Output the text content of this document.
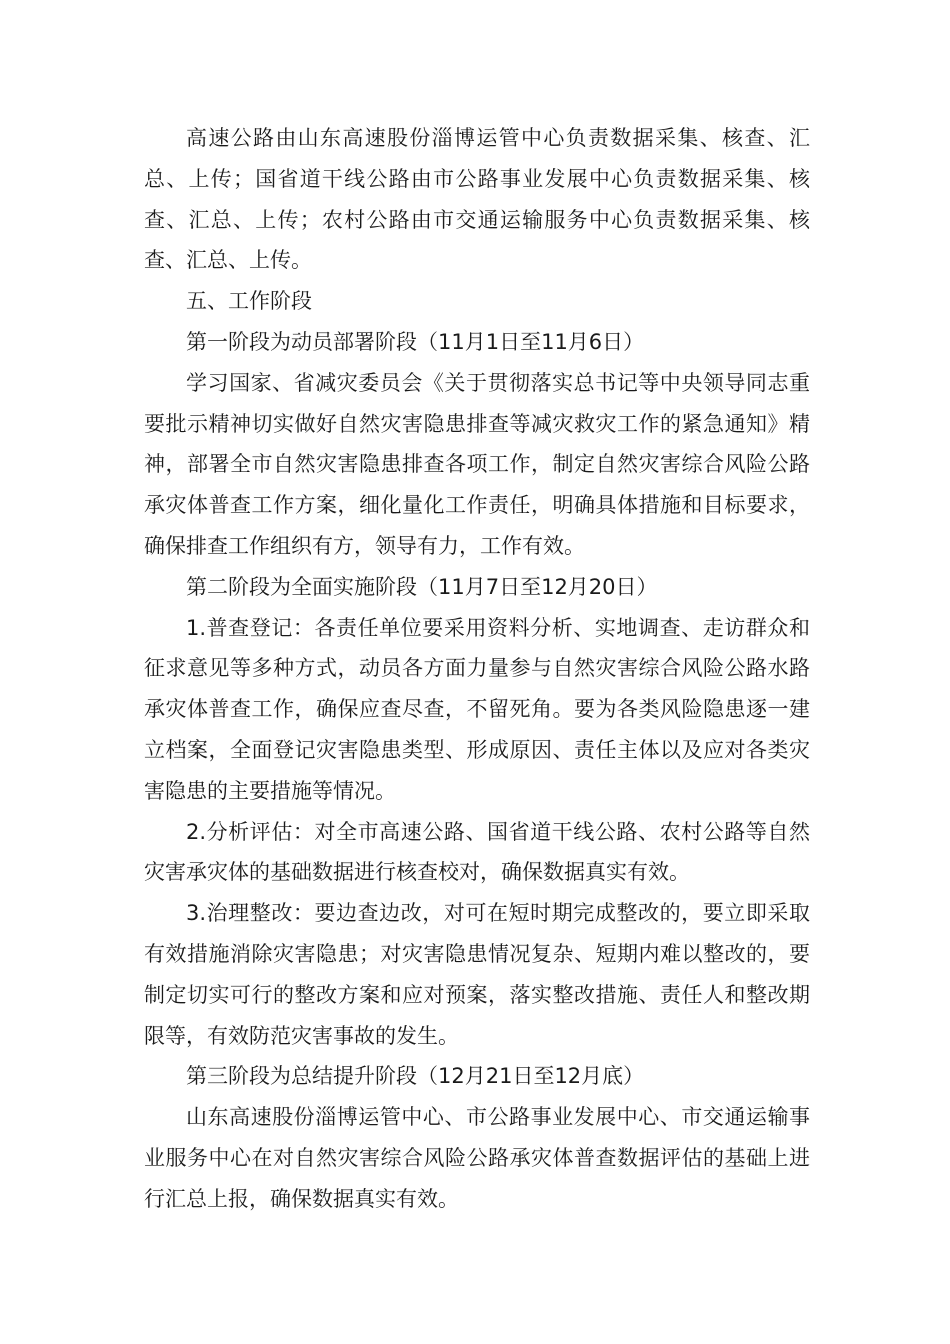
高速公路由山东高速股份淄博运管中心负责数据采集、核查、汇总、上传；国省道干线公路由市公路事业发展中心负责数据采集、核查、汇总、上传；农村公路由市交通运输服务中心负责数据采集、核查、汇总、上传。

五、工作阶段

第一阶段为动员部署阶段（11月1日至11月6日）

学习国家、省减灾委员会《关于贯彻落实总书记等中央领导同志重要批示精神切实做好自然灾害隐患排查等减灾救灾工作的紧急通知》精神，部署全市自然灾害隐患排查各项工作，制定自然灾害综合风险公路承灾体普查工作方案，细化量化工作责任，明确具体措施和目标要求，确保排查工作组织有方，领导有力，工作有效。

第二阶段为全面实施阶段（11月7日至12月20日）

1.普查登记：各责任单位要采用资料分析、实地调查、走访群众和征求意见等多种方式，动员各方面力量参与自然灾害综合风险公路水路承灾体普查工作，确保应查尽查，不留死角。要为各类风险隐患逐一建立档案，全面登记灾害隐患类型、形成原因、责任主体以及应对各类灾害隐患的主要措施等情况。

2.分析评估：对全市高速公路、国省道干线公路、农村公路等自然灾害承灾体的基础数据进行核查校对，确保数据真实有效。

3.治理整改：要边查边改，对可在短时期完成整改的，要立即采取有效措施消除灾害隐患；对灾害隐患情况复杂、短期内难以整改的，要制定切实可行的整改方案和应对预案，落实整改措施、责任人和整改期限等，有效防范灾害事故的发生。

第三阶段为总结提升阶段（12月21日至12月底）

山东高速股份淄博运管中心、市公路事业发展中心、市交通运输事业服务中心在对自然灾害综合风险公路承灾体普查数据评估的基础上进行汇总上报，确保数据真实有效。
